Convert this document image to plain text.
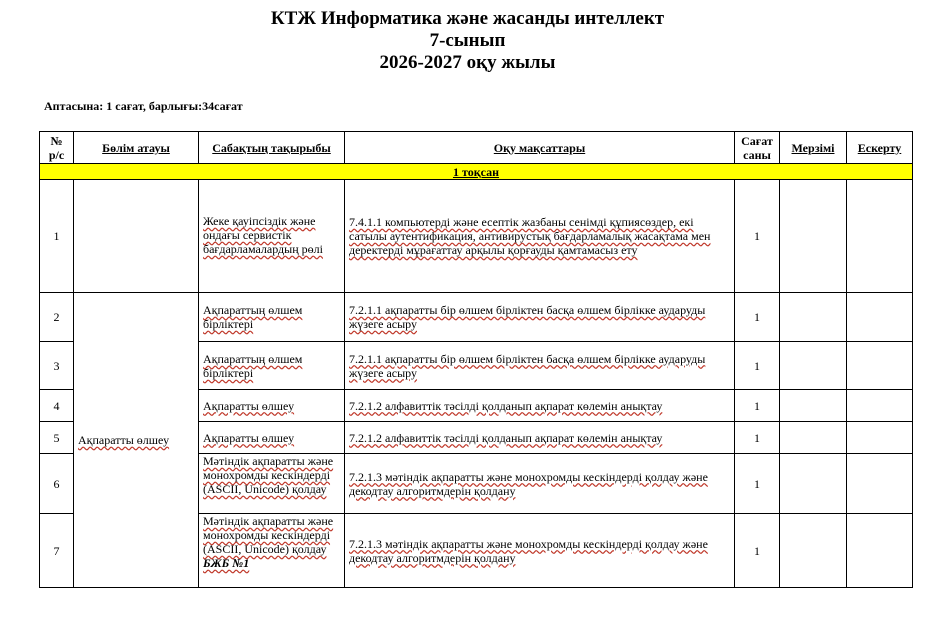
КТЖ Информатика және жасанды интеллект
7-сынып
2026-2027 оқу жылы
Аптасына: 1 сағат, барлығы:34сағат
№ р/с	Бөлім атауы	Сабақтың тақырыбы	Оқу мақсаттары	Сағат саны	Мерзімі	Ескерту
1 тоқсан						
1		Жеке қауіпсіздік және ондағы сервистік бағдарламалардың рөлі	7.4.1.1 компьютерді және есептік жазбаны сенімді құпиясөздер, екі сатылы аутентификация, антивирустық бағдарламалық жасақтама мен деректерді мұрағаттау арқылы қорғауды қамтамасыз ету	1		
2	Ақпаратты өлшеу	Ақпараттың өлшем бірліктері	7.2.1.1 ақпаратты бір өлшем бірліктен басқа өлшем бірлікке аударуды жүзеге асыру	1		
3		Ақпараттың өлшем бірліктері	7.2.1.1 ақпаратты бір өлшем бірліктен басқа өлшем бірлікке аударуды жүзеге асыру	1		
4		Ақпаратты өлшеу	7.2.1.2 алфавиттік тәсілді қолданып ақпарат көлемін анықтау	1		
5		Ақпаратты өлшеу	7.2.1.2 алфавиттік тәсілді қолданып ақпарат көлемін анықтау	1		
6		Мәтіндік ақпаратты және монохромды кескіндерді (ASCII, Unicode) қолдау	7.2.1.3 мәтіндік ақпаратты және монохромды кескіндерді қолдау және декодтау алгоритмдерін қолдану	1		
7		Мәтіндік ақпаратты және монохромды кескіндерді (ASCII, Unicode) қолдау БЖБ №1	7.2.1.3 мәтіндік ақпаратты және монохромды кескіндерді қолдау және декодтау алгоритмдерін қолдану	1		
